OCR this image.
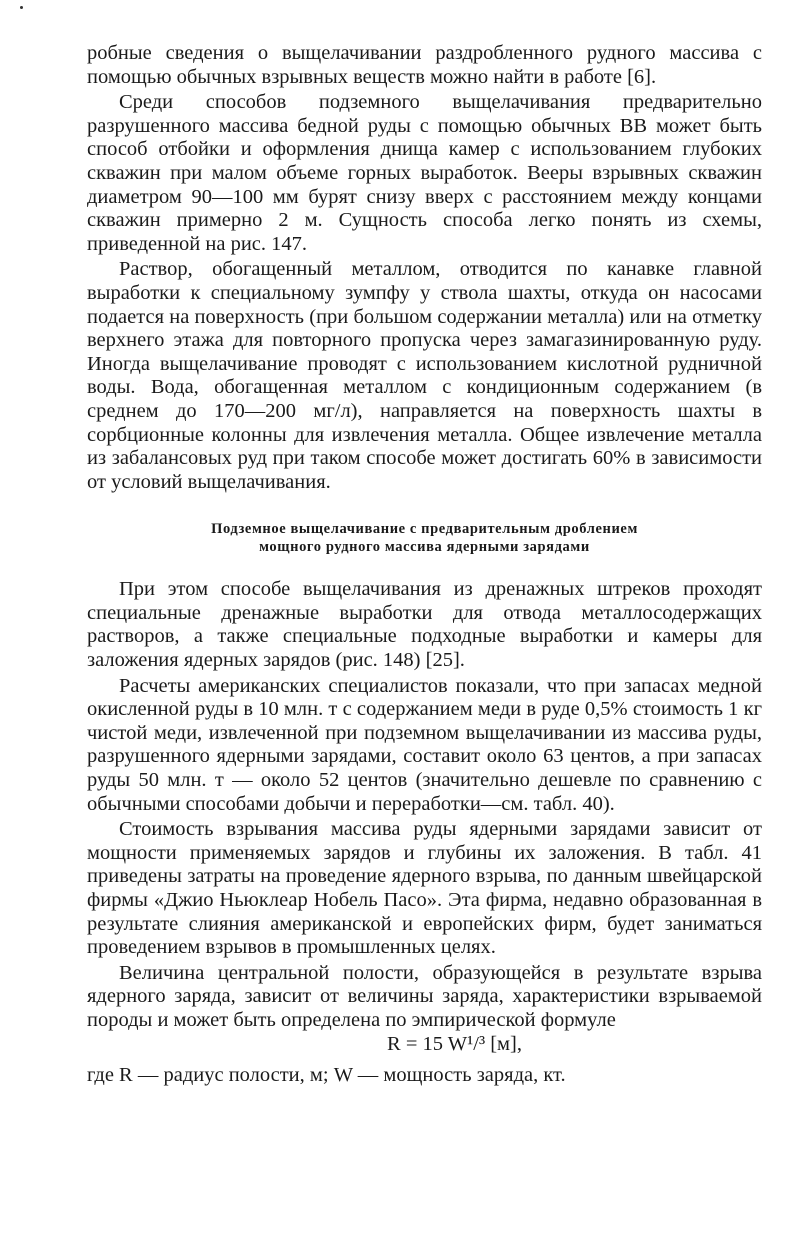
робные сведения о выщелачивании раздробленного рудного массива с помощью обычных взрывных веществ можно найти в работе [6].

Среди способов подземного выщелачивания предварительно разрушенного массива бедной руды с помощью обычных ВВ может быть способ отбойки и оформления днища камер с использованием глубоких скважин при малом объеме горных выработок. Вееры взрывных скважин диаметром 90—100 мм бурят снизу вверх с расстоянием между концами скважин примерно 2 м. Сущность способа легко понять из схемы, приведенной на рис. 147.

Раствор, обогащенный металлом, отводится по канавке главной выработки к специальному зумпфу у ствола шахты, откуда он насосами подается на поверхность (при большом содержании металла) или на отметку верхнего этажа для повторного пропуска через замагазинированную руду. Иногда выщелачивание проводят с использованием кислотной рудничной воды. Вода, обогащенная металлом с кондиционным содержанием (в среднем до 170—200 мг/л), направляется на поверхность шахты в сорбционные колонны для извлечения металла. Общее извлечение металла из забалансовых руд при таком способе может достигать 60% в зависимости от условий выщелачивания.

Подземное выщелачивание с предварительным дроблением
мощного рудного массива ядерными зарядами

При этом способе выщелачивания из дренажных штреков проходят специальные дренажные выработки для отвода металлосодержащих растворов, а также специальные подходные выработки и камеры для заложения ядерных зарядов (рис. 148) [25].

Расчеты американских специалистов показали, что при запасах медной окисленной руды в 10 млн. т с содержанием меди в руде 0,5% стоимость 1 кг чистой меди, извлеченной при подземном выщелачивании из массива руды, разрушенного ядерными зарядами, составит около 63 центов, а при запасах руды 50 млн. т — около 52 центов (значительно дешевле по сравнению с обычными способами добычи и переработки—см. табл. 40).

Стоимость взрывания массива руды ядерными зарядами зависит от мощности применяемых зарядов и глубины их заложения. В табл. 41 приведены затраты на проведение ядерного взрыва, по данным швейцарской фирмы «Джио Ньюклеар Нобель Пасо». Эта фирма, недавно образованная в результате слияния американской и европейских фирм, будет заниматься проведением взрывов в промышленных целях.

Величина центральной полости, образующейся в результате взрыва ядерного заряда, зависит от величины заряда, характеристики взрываемой породы и может быть определена по эмпирической формуле

R = 15 W¹/³ [м],

где R — радиус полости, м; W — мощность заряда, кт.
